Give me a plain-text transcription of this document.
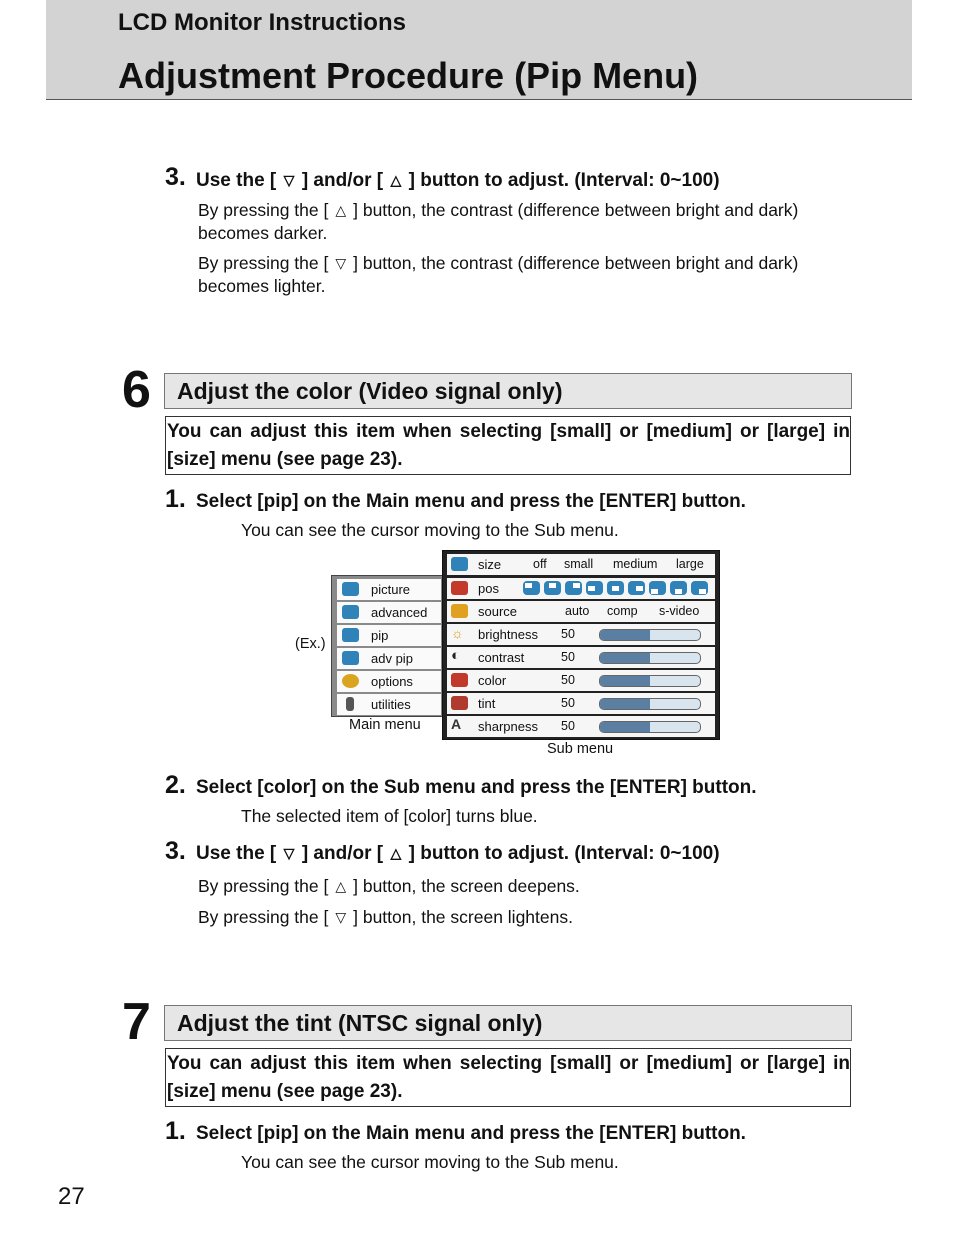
LCD Monitor Instructions
Adjustment Procedure (Pip Menu)
3. Use the [ ▽ ] and/or [ △ ] button to adjust. (Interval: 0~100)
By pressing the [ △ ] button, the contrast (difference between bright and dark) becomes darker.
By pressing the [ ▽ ] button, the contrast (difference between bright and dark) becomes lighter.
6 Adjust the color (Video signal only)
You can adjust this item when selecting [small] or [medium] or [large] in [size] menu (see page 23).
1. Select [pip] on the Main menu and press the [ENTER] button.
You can see the cursor moving to the Sub menu.
(Ex.)
picture
advanced
pip
adv pip
options
utilities
Main menu
size	off small medium large
pos
source	auto comp s-video
☼	brightness 50
◐	contrast	50
color	50
tint	50
A	sharpness 50
Sub menu
2. Select [color] on the Sub menu and press the [ENTER] button.
The selected item of [color] turns blue.
3. Use the [ ▽ ] and/or [ △ ] button to adjust. (Interval: 0~100)
By pressing the [ △ ] button, the screen deepens.
By pressing the [ ▽ ] button, the screen lightens.
7 Adjust the tint (NTSC signal only)
You can adjust this item when selecting [small] or [medium] or [large] in [size] menu (see page 23).
1. Select [pip] on the Main menu and press the [ENTER] button.
You can see the cursor moving to the Sub menu.
27
